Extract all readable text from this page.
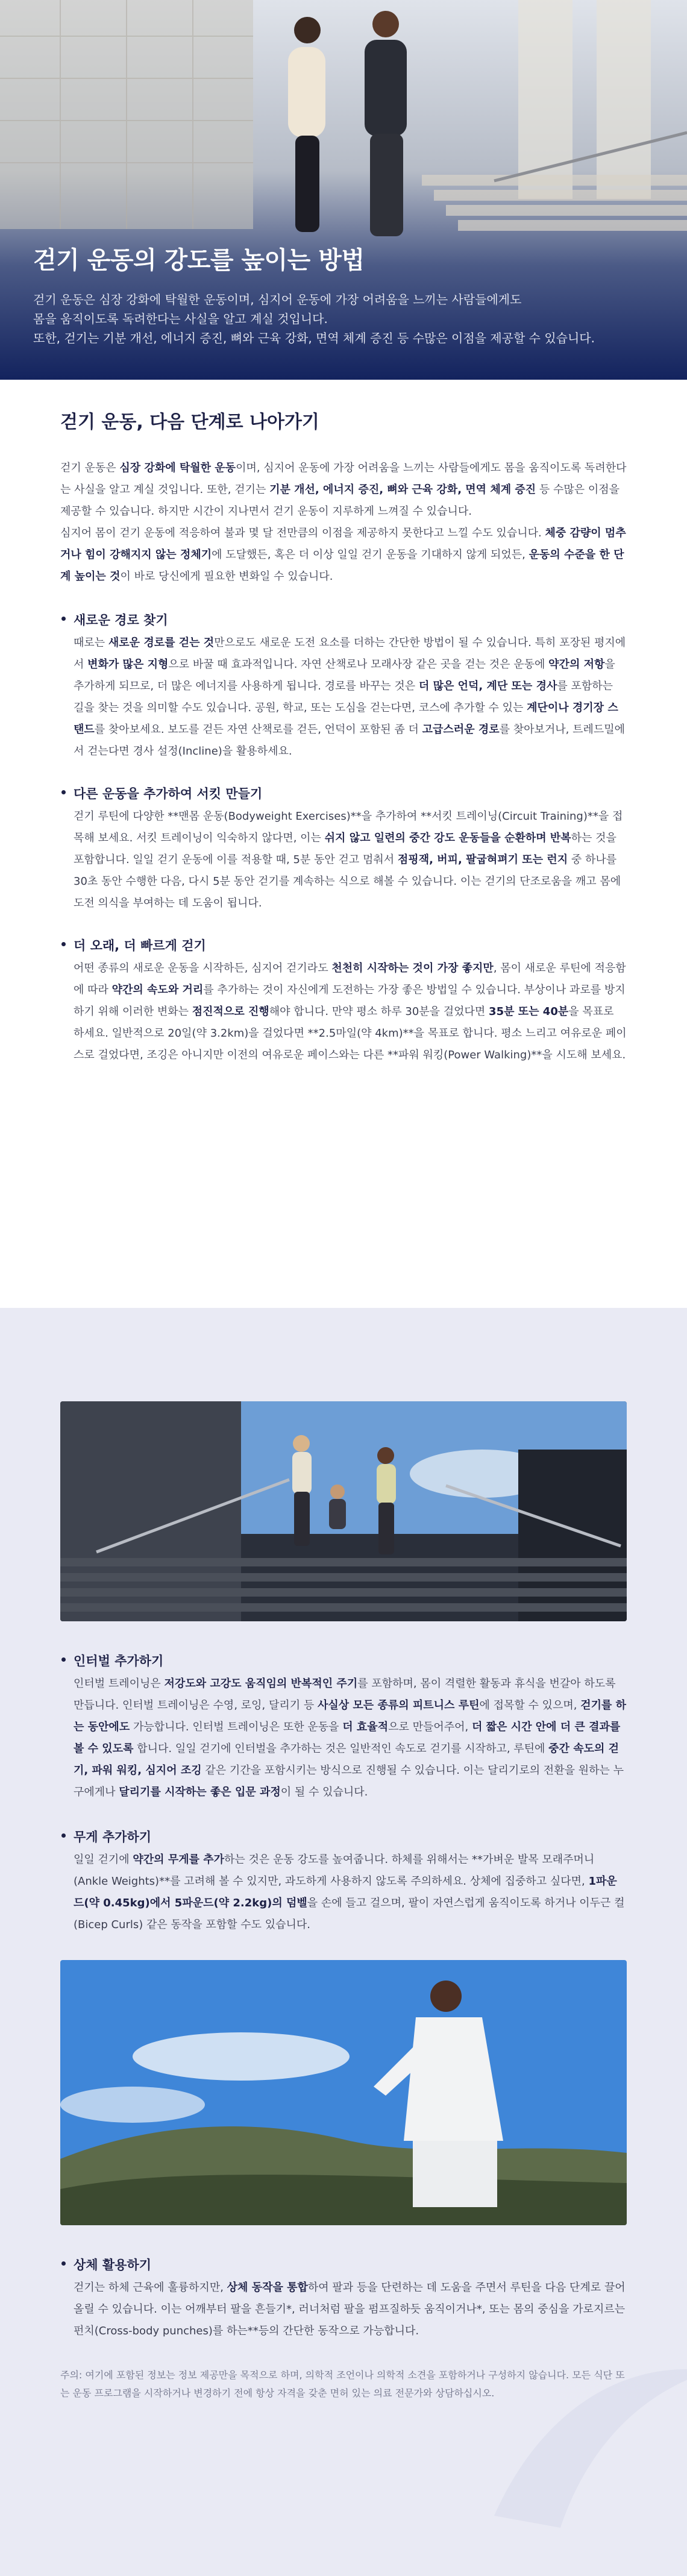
걷기 운동의 강도를 높이는 방법

걷기 운동은 심장 강화에 탁월한 운동이며, 심지어 운동에 가장 어려움을 느끼는 사람들에게도
몸을 움직이도록 독려한다는 사실을 알고 계실 것입니다.
또한, 걷기는 기분 개선, 에너지 증진, 뼈와 근육 강화, 면역 체계 증진 등 수많은 이점을 제공할 수 있습니다.

걷기 운동, 다음 단계로 나아가기

걷기 운동은 심장 강화에 탁월한 운동이며, 심지어 운동에 가장 어려움을 느끼는 사람들에게도 몸을 움직이도록 독려한다는 사실을 알고 계실 것입니다. 또한, 걷기는 기분 개선, 에너지 증진, 뼈와 근육 강화, 면역 체계 증진 등 수많은 이점을 제공할 수 있습니다. 하지만 시간이 지나면서 걷기 운동이 지루하게 느껴질 수 있습니다.

심지어 몸이 걷기 운동에 적응하여 불과 몇 달 전만큼의 이점을 제공하지 못한다고 느낄 수도 있습니다. 체중 감량이 멈추거나 힘이 강해지지 않는 정체기에 도달했든, 혹은 더 이상 일일 걷기 운동을 기대하지 않게 되었든, 운동의 수준을 한 단계 높이는 것이 바로 당신에게 필요한 변화일 수 있습니다.

새로운 경로 찾기

때로는 새로운 경로를 걷는 것만으로도 새로운 도전 요소를 더하는 간단한 방법이 될 수 있습니다. 특히 포장된 평지에서 변화가 많은 지형으로 바꿀 때 효과적입니다. 자연 산책로나 모래사장 같은 곳을 걷는 것은 운동에 약간의 저항을 추가하게 되므로, 더 많은 에너지를 사용하게 됩니다. 경로를 바꾸는 것은 더 많은 언덕, 계단 또는 경사를 포함하는 길을 찾는 것을 의미할 수도 있습니다. 공원, 학교, 또는 도심을 걷는다면, 코스에 추가할 수 있는 계단이나 경기장 스탠드를 찾아보세요. 보도를 걷든 자연 산책로를 걷든, 언덕이 포함된 좀 더 고급스러운 경로를 찾아보거나, 트레드밀에서 걷는다면 경사 설정(Incline)을 활용하세요.

다른 운동을 추가하여 서킷 만들기

걷기 루틴에 다양한 **맨몸 운동(Bodyweight Exercises)**을 추가하여 **서킷 트레이닝(Circuit Training)**을 접목해 보세요. 서킷 트레이닝이 익숙하지 않다면, 이는 쉬지 않고 일련의 중간 강도 운동들을 순환하며 반복하는 것을 포함합니다. 일일 걷기 운동에 이를 적용할 때, 5분 동안 걷고 멈춰서 점핑잭, 버피, 팔굽혀펴기 또는 런지 중 하나를 30초 동안 수행한 다음, 다시 5분 동안 걷기를 계속하는 식으로 해볼 수 있습니다. 이는 걷기의 단조로움을 깨고 몸에 도전 의식을 부여하는 데 도움이 됩니다.

더 오래, 더 빠르게 걷기

어떤 종류의 새로운 운동을 시작하든, 심지어 걷기라도 천천히 시작하는 것이 가장 좋지만, 몸이 새로운 루틴에 적응함에 따라 약간의 속도와 거리를 추가하는 것이 자신에게 도전하는 가장 좋은 방법일 수 있습니다. 부상이나 과로를 방지하기 위해 이러한 변화는 점진적으로 진행해야 합니다. 만약 평소 하루 30분을 걸었다면 35분 또는 40분을 목표로 하세요. 일반적으로 20일(약 3.2km)을 걸었다면 **2.5마일(약 4km)**을 목표로 합니다. 평소 느리고 여유로운 페이스로 걸었다면, 조깅은 아니지만 이전의 여유로운 페이스와는 다른 **파워 워킹(Power Walking)**을 시도해 보세요.

인터벌 추가하기

인터벌 트레이닝은 저강도와 고강도 움직임의 반복적인 주기를 포함하며, 몸이 격렬한 활동과 휴식을 번갈아 하도록 만듭니다. 인터벌 트레이닝은 수영, 로잉, 달리기 등 사실상 모든 종류의 피트니스 루틴에 접목할 수 있으며, 걷기를 하는 동안에도 가능합니다. 인터벌 트레이닝은 또한 운동을 더 효율적으로 만들어주어, 더 짧은 시간 안에 더 큰 결과를 볼 수 있도록 합니다. 일일 걷기에 인터벌을 추가하는 것은 일반적인 속도로 걷기를 시작하고, 루틴에 중간 속도의 걷기, 파워 워킹, 심지어 조깅 같은 기간을 포함시키는 방식으로 진행될 수 있습니다. 이는 달리기로의 전환을 원하는 누구에게나 달리기를 시작하는 좋은 입문 과정이 될 수 있습니다.

무게 추가하기

일일 걷기에 약간의 무게를 추가하는 것은 운동 강도를 높여줍니다. 하체를 위해서는 **가벼운 발목 모래주머니(Ankle Weights)**를 고려해 볼 수 있지만, 과도하게 사용하지 않도록 주의하세요. 상체에 집중하고 싶다면, 1파운드(약 0.45kg)에서 5파운드(약 2.2kg)의 덤벨을 손에 들고 걸으며, 팔이 자연스럽게 움직이도록 하거나 이두근 컬(Bicep Curls) 같은 동작을 포함할 수도 있습니다.

상체 활용하기

걷기는 하체 근육에 훌륭하지만, 상체 동작을 통합하여 팔과 등을 단련하는 데 도움을 주면서 루틴을 다음 단계로 끌어올릴 수 있습니다. 이는 어깨부터 팔을 흔들기*, 러너처럼 팔을 펌프질하듯 움직이거나*, 또는 몸의 중심을 가로지르는 펀치(Cross-body punches)를 하는**등의 간단한 동작으로 가능합니다.

주의: 여기에 포함된 정보는 정보 제공만을 목적으로 하며, 의학적 조언이나 의학적 소견을 포함하거나 구성하지 않습니다. 모든 식단 또는 운동 프로그램을 시작하거나 변경하기 전에 항상 자격을 갖춘 면허 있는 의료 전문가와 상담하십시오.
